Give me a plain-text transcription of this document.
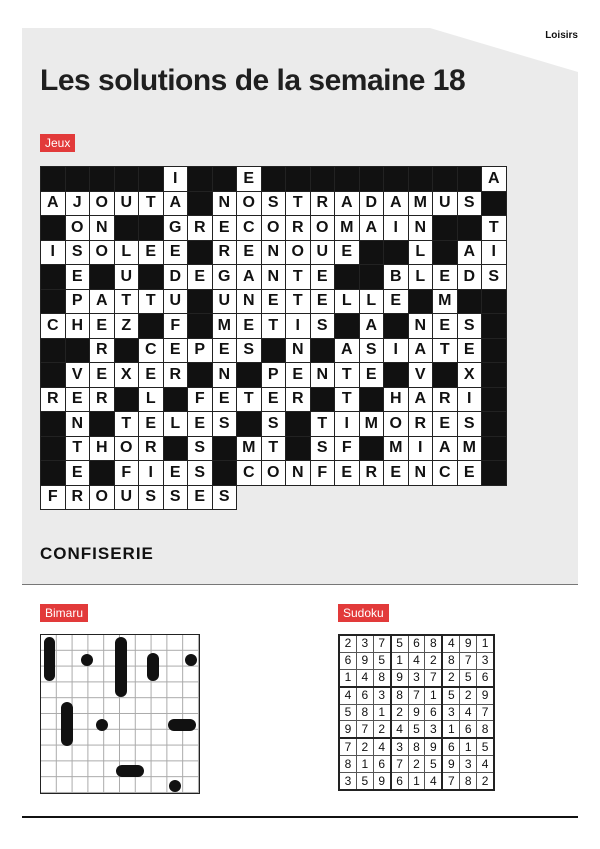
Loisirs
Les solutions de la semaine 18
Jeux
					I			E										A
A	J	O	U	T	A		N	O	S	T	R	A	D	A	M	U	S	
	O	N			G	R	E	C	O	R	O	M	A	I	N			T
I	S	O	L	E	E		R	E	N	O	U	E			L		A	I
	E		U		D	E	G	A	N	T	E			B	L	E	D	S
	P	A	T	T	U		U	N	E	T	E	L	L	E		M		
C	H	E	Z		F		M	E	T	I	S		A		N	E	S	
		R		C	E	P	E	S		N		A	S	I	A	T	E	
	V	E	X	E	R		N		P	E	N	T	E		V		X	
R	E	R		L		F	E	T	E	R		T		H	A	R	I	
	N		T	E	L	E	S		S		T	I	M	O	R	E	S	
	T	H	O	R		S		M	T		S	F		M	I	A	M	
	E		F	I	E	S		C	O	N	F	E	R	E	N	C	E	
F	R	O	U	S	S	E	S											
CONFISERIE
Bimaru	Sudoku
2	3	7	5	6	8	4	9	1
6	9	5	1	4	2	8	7	3
1	4	8	9	3	7	2	5	6
4	6	3	8	7	1	5	2	9
5	8	1	2	9	6	3	4	7
9	7	2	4	5	3	1	6	8
7	2	4	3	8	9	6	1	5
8	1	6	7	2	5	9	3	4
3	5	9	6	1	4	7	8	2
